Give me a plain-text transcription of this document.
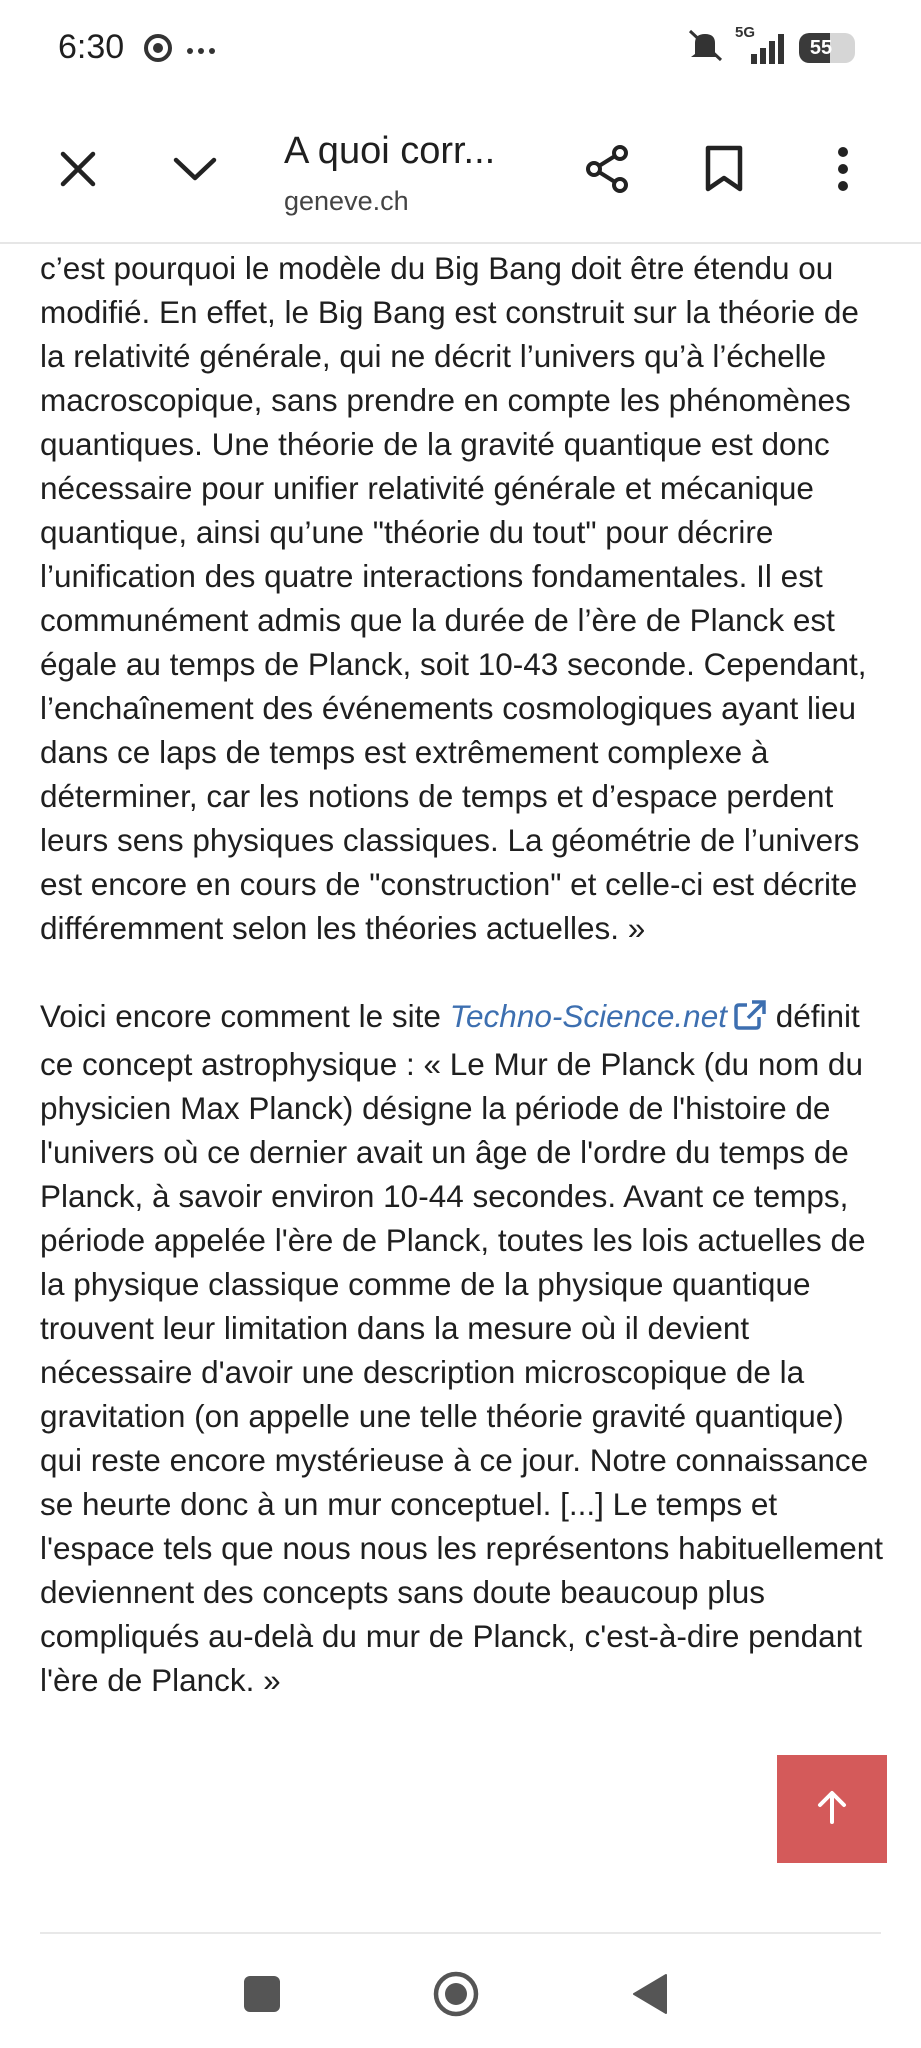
6:30	5G
55
A quoi corr...
geneve.ch

c’est pourquoi le modèle du Big Bang doit être étendu ou modifié. En effet, le Big Bang est construit sur la théorie de la relativité générale, qui ne décrit l’univers qu’à l’échelle macroscopique, sans prendre en compte les phénomènes quantiques. Une théorie de la gravité quantique est donc nécessaire pour unifier relativité générale et mécanique quantique, ainsi qu’une "théorie du tout" pour décrire l’unification des quatre interactions fondamentales. Il est communément admis que la durée de l’ère de Planck est égale au temps de Planck, soit 10-43 seconde. Cependant, l’enchaînement des événements cosmologiques ayant lieu dans ce laps de temps est extrêmement complexe à déterminer, car les notions de temps et d’espace perdent leurs sens physiques classiques. La géométrie de l’univers est encore en cours de "construction" et celle-ci est décrite différemment selon les théories actuelles. »

Voici encore comment le site Techno-Science.net définit ce concept astrophysique : « Le Mur de Planck (du nom du physicien Max Planck) désigne la période de l'histoire de l'univers où ce dernier avait un âge de l'ordre du temps de Planck, à savoir environ 10-44 secondes. Avant ce temps, période appelée l'ère de Planck, toutes les lois actuelles de la physique classique comme de la physique quantique trouvent leur limitation dans la mesure où il devient nécessaire d'avoir une description microscopique de la gravitation (on appelle une telle théorie gravité quantique) qui reste encore mystérieuse à ce jour. Notre connaissance se heurte donc à un mur conceptuel. [...] Le temps et l'espace tels que nous nous les représentons habituellement deviennent des concepts sans doute beaucoup plus compliqués au-delà du mur de Planck, c'est-à-dire pendant l'ère de Planck. »
